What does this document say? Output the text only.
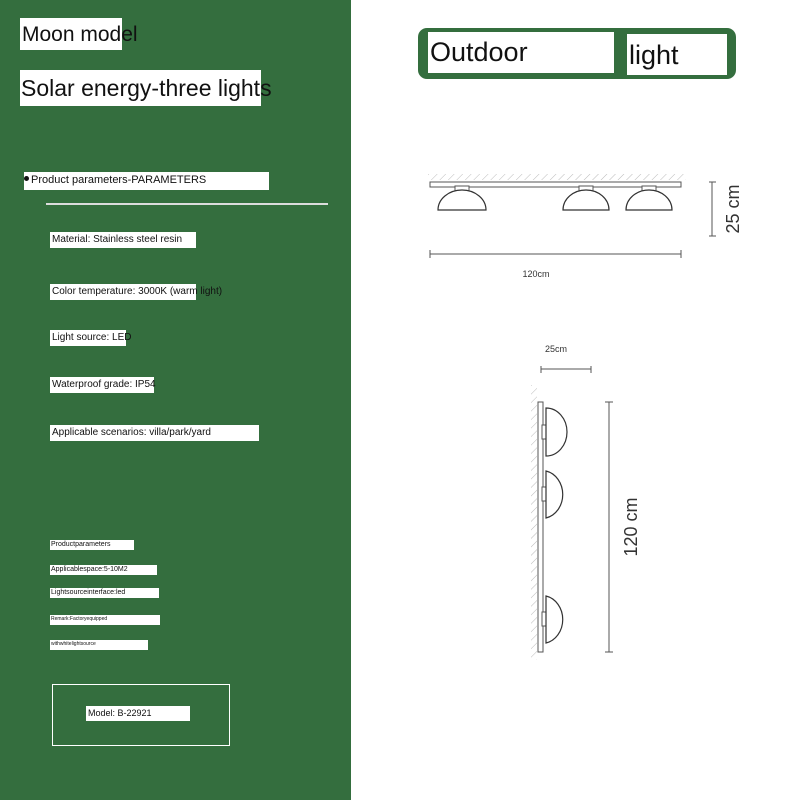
Moon model
Solar energy-three lights
Product parameters-PARAMETERS
Material: Stainless steel resin
Color temperature: 3000K (warm light)
Light source: LED
Waterproof grade: IP54
Applicable scenarios: villa/park/yard
Productparameters
Applicablespace:5-10M2
Lightsourceinterface:led
Remark:Factoryequipped
withwhitelightsource
Model: B-22921
Outdoor	light
25 cm
120cm
25cm
120 cm
